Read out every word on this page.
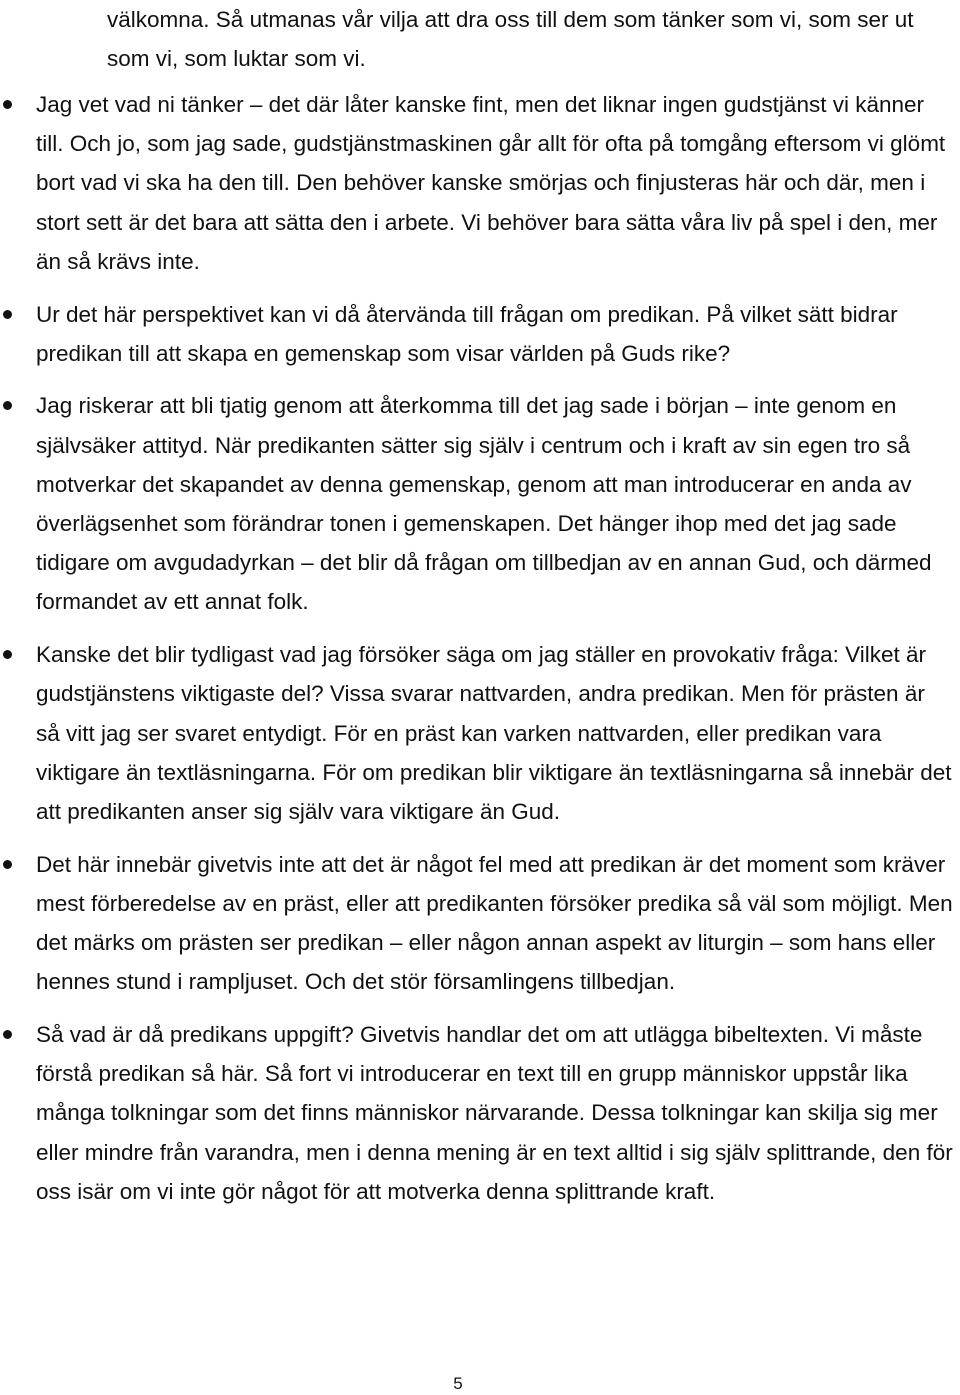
välkomna. Så utmanas vår vilja att dra oss till dem som tänker som vi, som ser ut som vi, som luktar som vi.

Jag vet vad ni tänker – det där låter kanske fint, men det liknar ingen gudstjänst vi känner till. Och jo, som jag sade, gudstjänstmaskinen går allt för ofta på tomgång eftersom vi glömt bort vad vi ska ha den till. Den behöver kanske smörjas och finjusteras här och där, men i stort sett är det bara att sätta den i arbete. Vi behöver bara sätta våra liv på spel i den, mer än så krävs inte.
Ur det här perspektivet kan vi då återvända till frågan om predikan. På vilket sätt bidrar predikan till att skapa en gemenskap som visar världen på Guds rike?
Jag riskerar att bli tjatig genom att återkomma till det jag sade i början – inte genom en självsäker attityd. När predikanten sätter sig själv i centrum och i kraft av sin egen tro så motverkar det skapandet av denna gemenskap, genom att man introducerar en anda av överlägsenhet som förändrar tonen i gemenskapen. Det hänger ihop med det jag sade tidigare om avgudadyrkan – det blir då frågan om tillbedjan av en annan Gud, och därmed formandet av ett annat folk.
Kanske det blir tydligast vad jag försöker säga om jag ställer en provokativ fråga: Vilket är gudstjänstens viktigaste del? Vissa svarar nattvarden, andra predikan. Men för prästen är så vitt jag ser svaret entydigt. För en präst kan varken nattvarden, eller predikan vara viktigare än textläsningarna. För om predikan blir viktigare än textläsningarna så innebär det att predikanten anser sig själv vara viktigare än Gud.
Det här innebär givetvis inte att det är något fel med att predikan är det moment som kräver mest förberedelse av en präst, eller att predikanten försöker predika så väl som möjligt. Men det märks om prästen ser predikan – eller någon annan aspekt av liturgin – som hans eller hennes stund i rampljuset. Och det stör församlingens tillbedjan.
Så vad är då predikans uppgift? Givetvis handlar det om att utlägga bibeltexten. Vi måste förstå predikan så här. Så fort vi introducerar en text till en grupp människor uppstår lika många tolkningar som det finns människor närvarande. Dessa tolkningar kan skilja sig mer eller mindre från varandra, men i denna mening är en text alltid i sig själv splittrande, den för oss isär om vi inte gör något för att motverka denna splittrande kraft.
5
